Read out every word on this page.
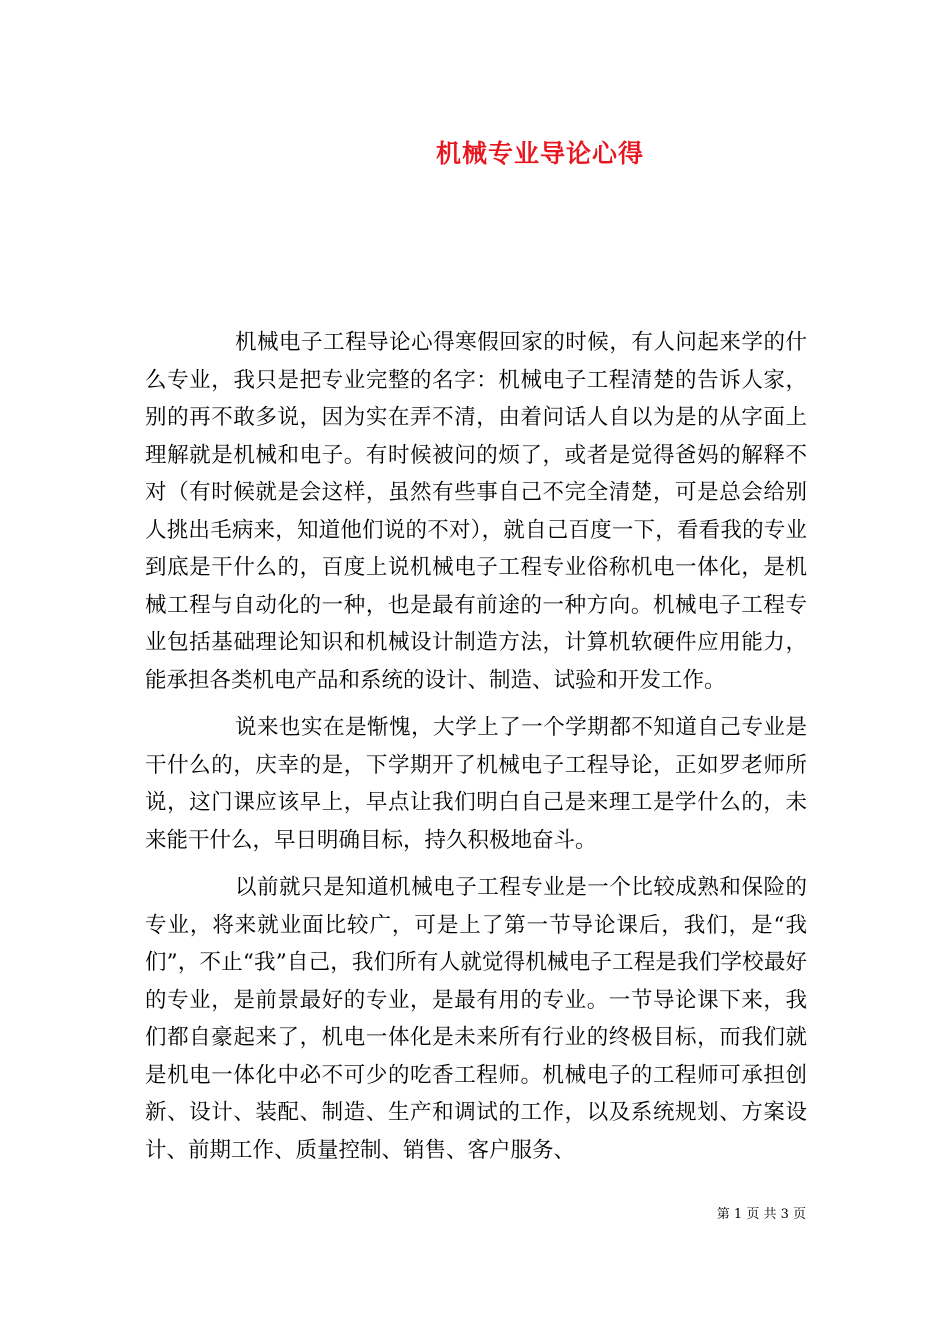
机械专业导论心得

机械电子工程导论心得寒假回家的时候，有人问起来学的什么专业，我只是把专业完整的名字：机械电子工程清楚的告诉人家，别的再不敢多说，因为实在弄不清，由着问话人自以为是的从字面上理解就是机械和电子。有时候被问的烦了，或者是觉得爸妈的解释不对（有时候就是会这样，虽然有些事自己不完全清楚，可是总会给别人挑出毛病来，知道他们说的不对），就自己百度一下，看看我的专业到底是干什么的，百度上说机械电子工程专业俗称机电一体化，是机械工程与自动化的一种，也是最有前途的一种方向。机械电子工程专业包括基础理论知识和机械设计制造方法，计算机软硬件应用能力，能承担各类机电产品和系统的设计、制造、试验和开发工作。

说来也实在是惭愧，大学上了一个学期都不知道自己专业是干什么的，庆幸的是，下学期开了机械电子工程导论，正如罗老师所说，这门课应该早上，早点让我们明白自己是来理工是学什么的，未来能干什么，早日明确目标，持久积极地奋斗。

以前就只是知道机械电子工程专业是一个比较成熟和保险的专业，将来就业面比较广，可是上了第一节导论课后，我们，是“我们”，不止“我”自己，我们所有人就觉得机械电子工程是我们学校最好的专业，是前景最好的专业，是最有用的专业。一节导论课下来，我们都自豪起来了，机电一体化是未来所有行业的终极目标，而我们就是机电一体化中必不可少的吃香工程师。机械电子的工程师可承担创新、设计、装配、制造、生产和调试的工作，以及系统规划、方案设计、前期工作、质量控制、销售、客户服务、

第 1 页 共 3 页
